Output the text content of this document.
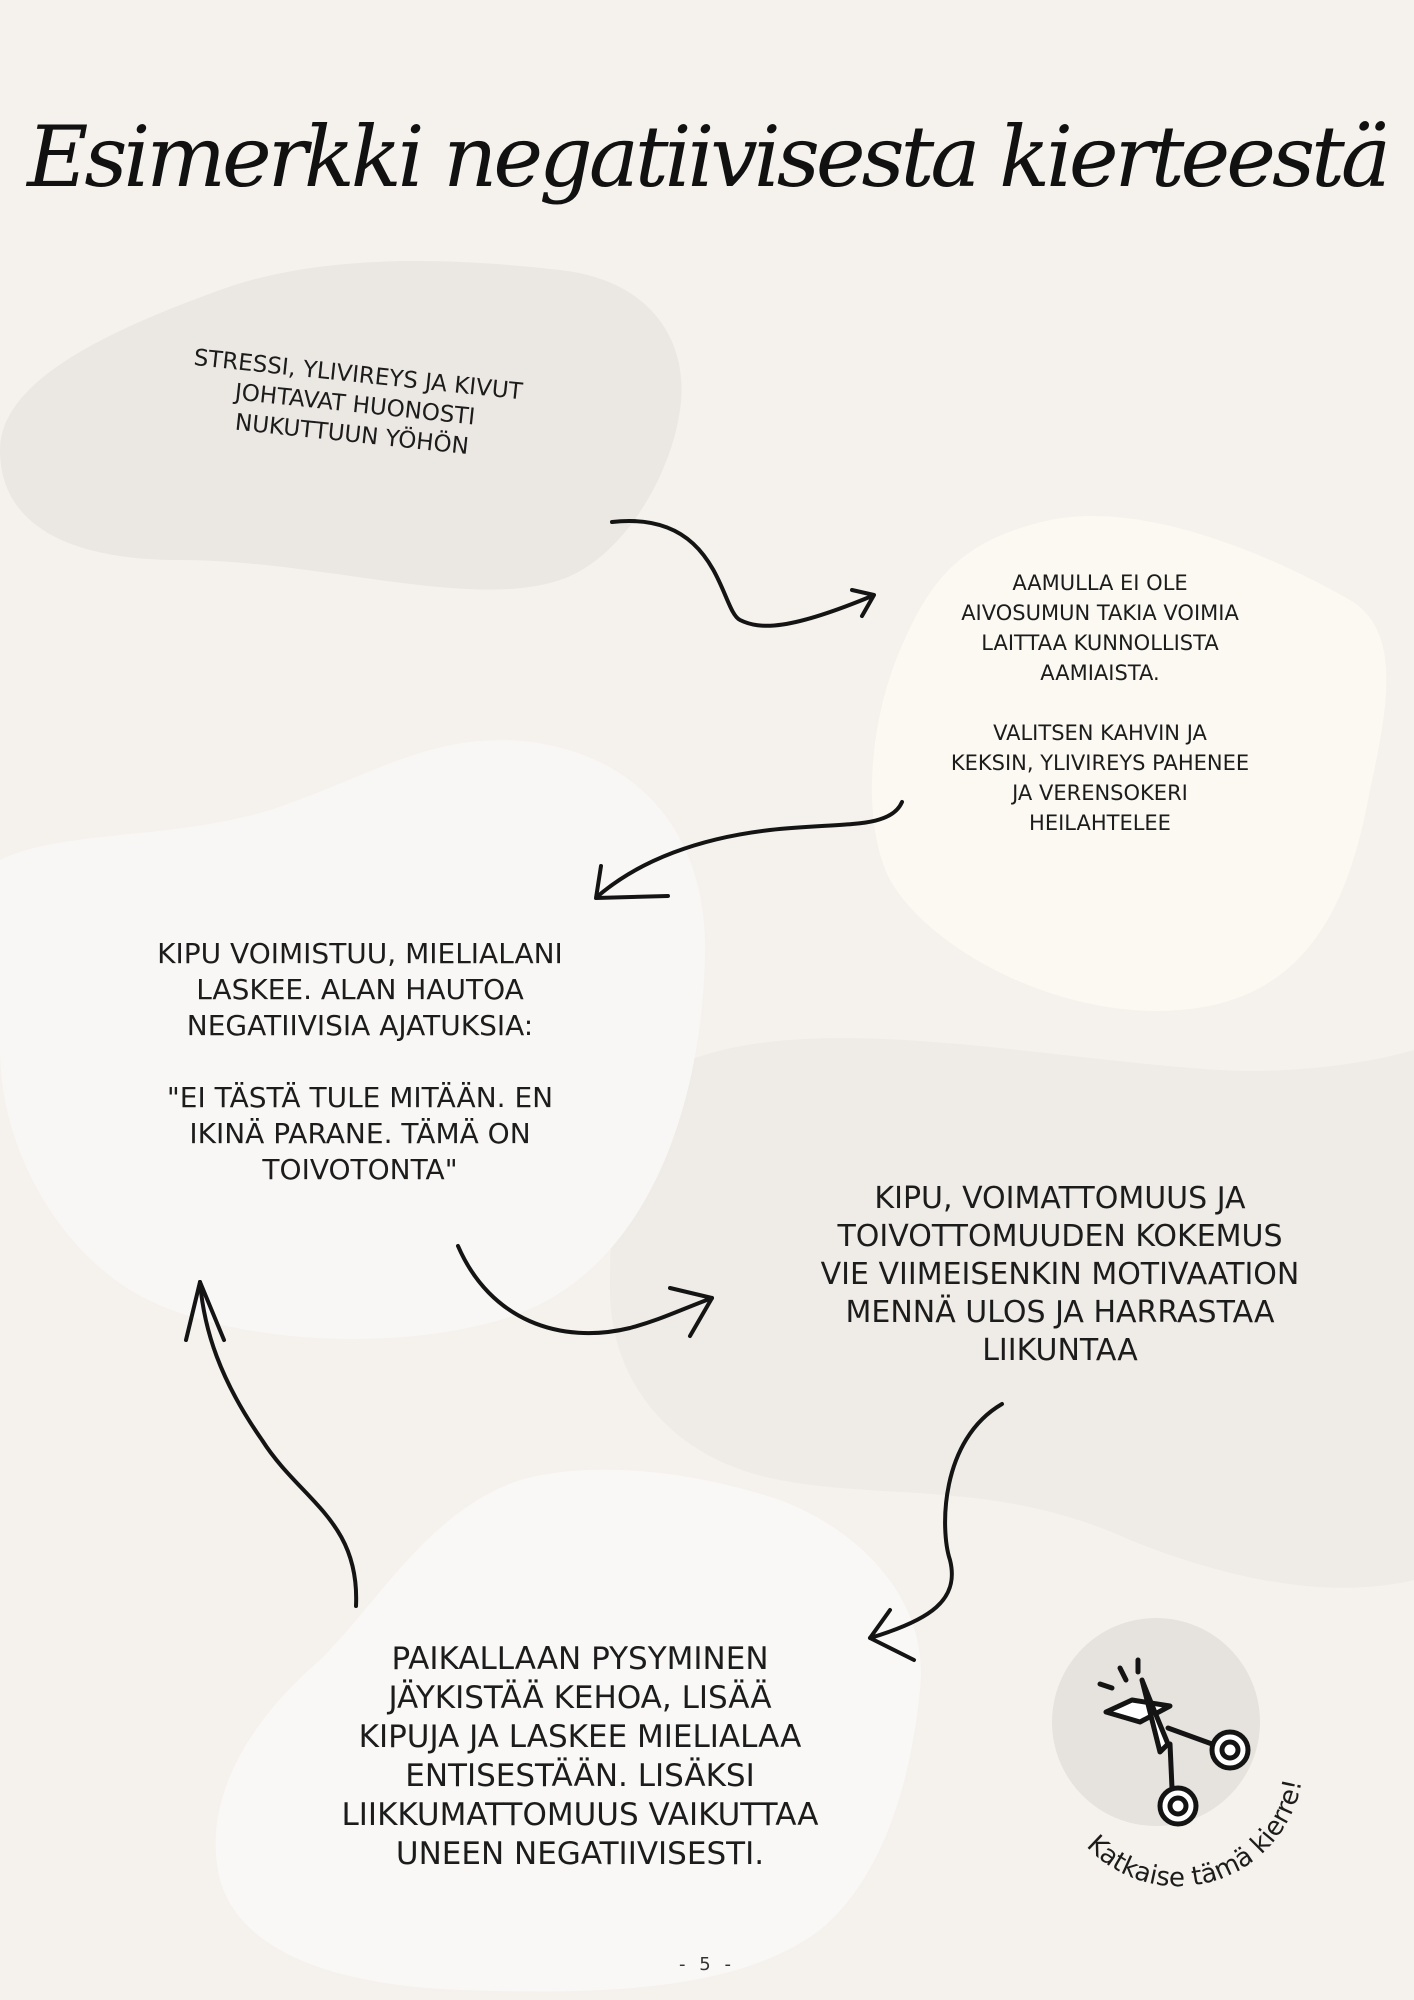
Esimerkki negatiivisesta kierteestä

STRESSI, YLIVIREYS JA KIVUT
JOHTAVAT HUONOSTI
NUKUTTUUN YÖHÖN

AAMULLA EI OLE
AIVOSUMUN TAKIA VOIMIA
LAITTAA KUNNOLLISTA
AAMIAISTA.

VALITSEN KAHVIN JA
KEKSIN, YLIVIREYS PAHENEE
JA VERENSOKERI
HEILAHTELEE

KIPU VOIMISTUU, MIELIALANI
LASKEE. ALAN HAUTOA
NEGATIIVISIA AJATUKSIA:

"EI TÄSTÄ TULE MITÄÄN. EN
IKINÄ PARANE. TÄMÄ ON
TOIVOTONTA"

KIPU, VOIMATTOMUUS JA
TOIVOTTOMUUDEN KOKEMUS
VIE VIIMEISENKIN MOTIVAATION
MENNÄ ULOS JA HARRASTAA
LIIKUNTAA

PAIKALLAAN PYSYMINEN
JÄYKISTÄÄ KEHOA, LISÄÄ
KIPUJA JA LASKEE MIELIALAA
ENTISESTÄÄN. LISÄKSI
LIIKKUMATTOMUUS VAIKUTTAA
UNEEN NEGATIIVISESTI.	Katkaise tämä kierre!
- 5 -
